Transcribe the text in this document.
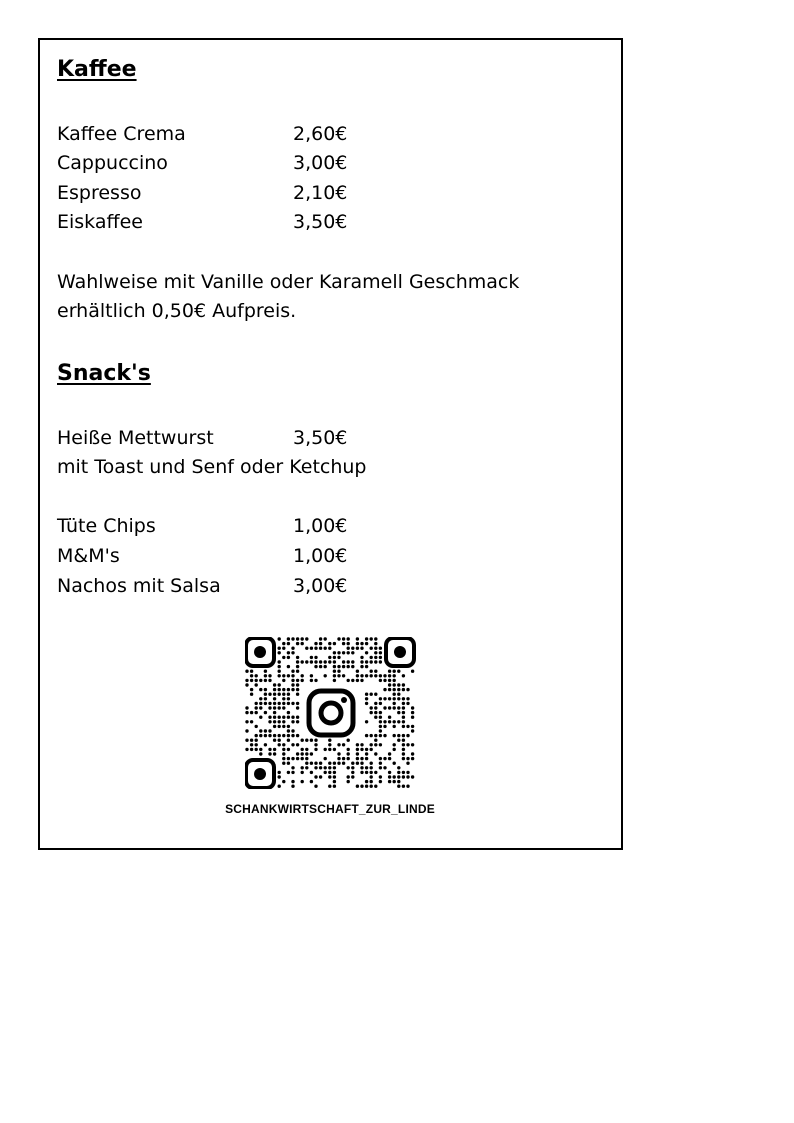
Kaffee
Kaffee Crema	2,60€
Cappuccino	3,00€
Espresso	2,10€
Eiskaffee	3,50€
Wahlweise mit Vanille oder Karamell Geschmack
erhältlich 0,50€ Aufpreis.
Snack's
Heiße Mettwurst	3,50€
mit Toast und Senf oder Ketchup
Tüte Chips	1,00€
M&M's	1,00€
Nachos mit Salsa	3,00€
SCHANKWIRTSCHAFT_ZUR_LINDE
